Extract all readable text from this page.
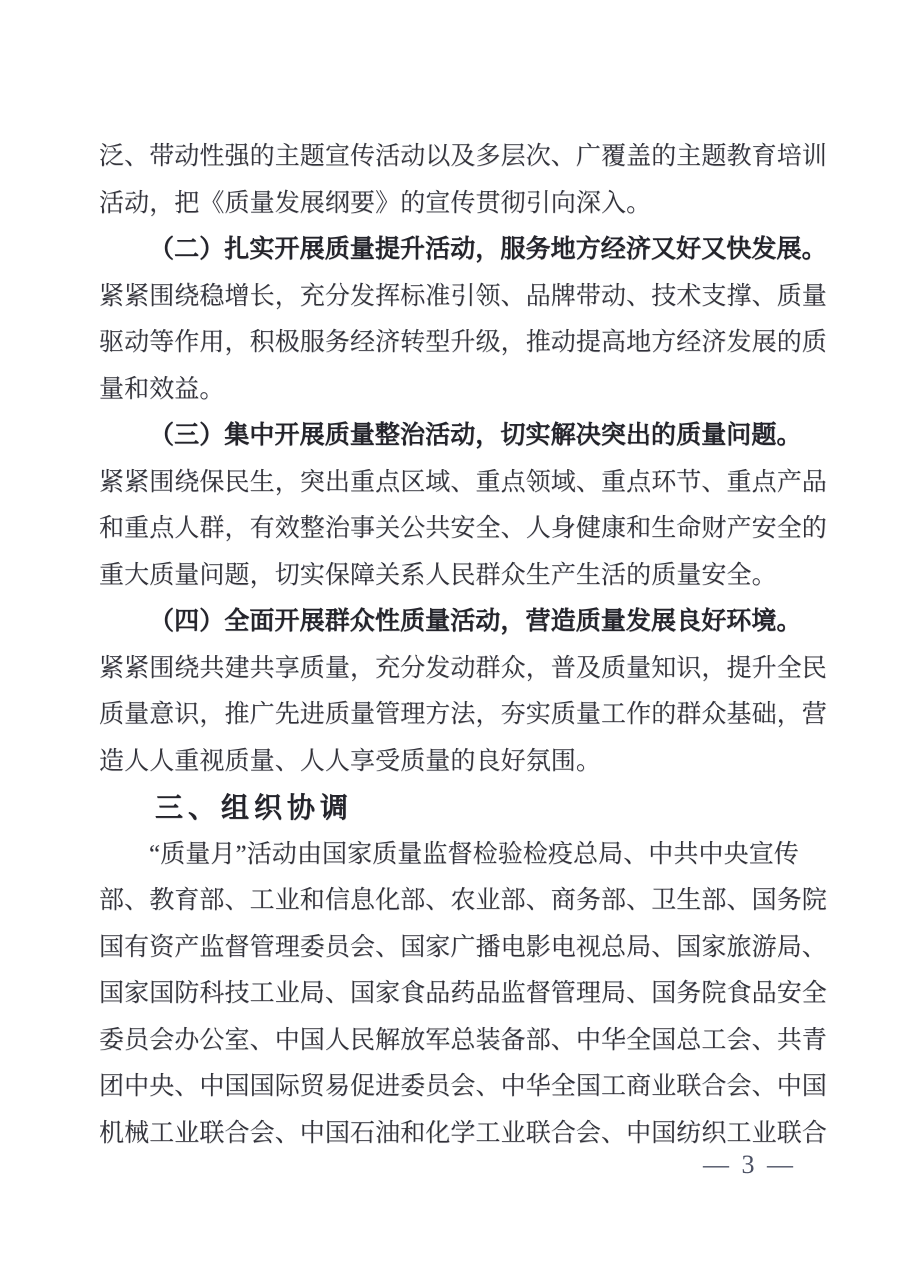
泛、带动性强的主题宣传活动以及多层次、广覆盖的主题教育培训
活动，把《质量发展纲要》的宣传贯彻引向深入。
（二）扎实开展质量提升活动，服务地方经济又好又快发展。
紧紧围绕稳增长，充分发挥标准引领、品牌带动、技术支撑、质量
驱动等作用，积极服务经济转型升级，推动提高地方经济发展的质
量和效益。
（三）集中开展质量整治活动，切实解决突出的质量问题。
紧紧围绕保民生，突出重点区域、重点领域、重点环节、重点产品
和重点人群，有效整治事关公共安全、人身健康和生命财产安全的
重大质量问题，切实保障关系人民群众生产生活的质量安全。
（四）全面开展群众性质量活动，营造质量发展良好环境。
紧紧围绕共建共享质量，充分发动群众，普及质量知识，提升全民
质量意识，推广先进质量管理方法，夯实质量工作的群众基础，营
造人人重视质量、人人享受质量的良好氛围。
三、组织协调
“质量月”活动由国家质量监督检验检疫总局、中共中央宣传
部、教育部、工业和信息化部、农业部、商务部、卫生部、国务院
国有资产监督管理委员会、国家广播电影电视总局、国家旅游局、
国家国防科技工业局、国家食品药品监督管理局、国务院食品安全
委员会办公室、中国人民解放军总装备部、中华全国总工会、共青
团中央、中国国际贸易促进委员会、中华全国工商业联合会、中国
机械工业联合会、中国石油和化学工业联合会、中国纺织工业联合
— 3 —
